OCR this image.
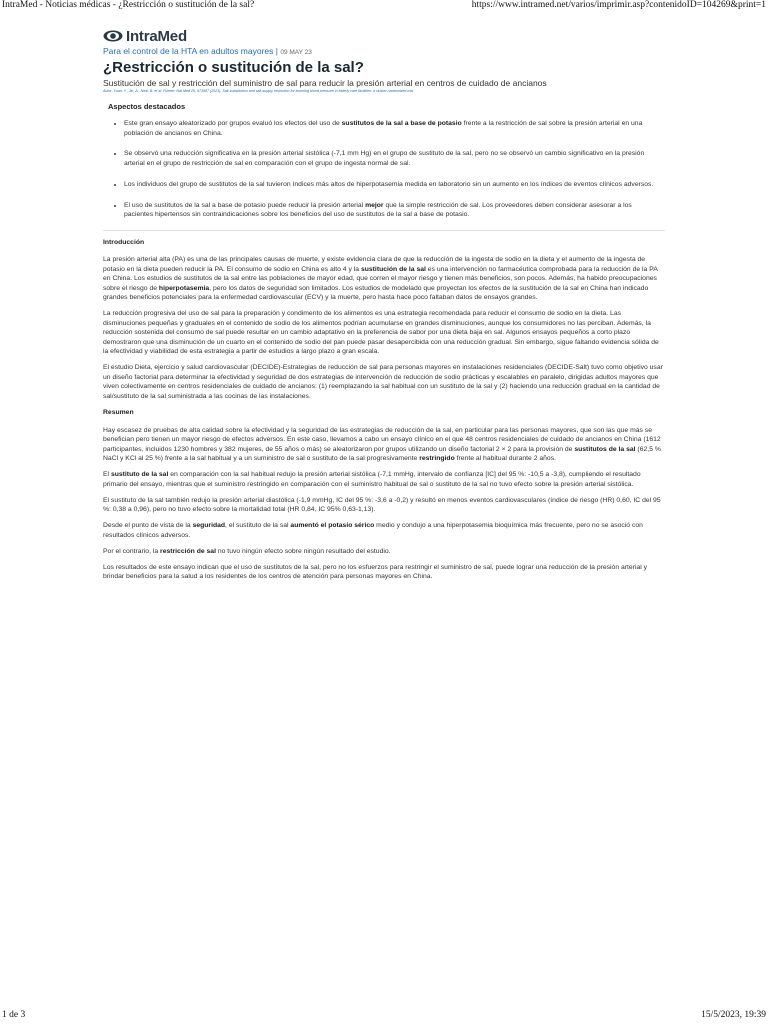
IntraMed - Noticias médicas - ¿Restricción o sustitución de la sal?	https://www.intramed.net/varios/imprimir.asp?contenidoID=104269&print=1
IntraMed
Para el control de la HTA en adultos mayores | 09 MAY 23
¿Restricción o sustitución de la sal?
Sustitución de sal y restricción del suministro de sal para reducir la presión arterial en centros de cuidado de ancianos
Autor: Yuan, Y., Jin, A., Neal, B. et al. Fuente: Nat Med 29, 973987 (2023). Salt substitution and salt-supply restriction for lowering blood pressure in elderly care facilities: a cluster-randomized trial
Aspectos destacados
• Este gran ensayo aleatorizado por grupos evaluó los efectos del uso de sustitutos de la sal a base de potasio frente a la restricción de sal sobre la presión arterial en una población de ancianos en China.
• Se observó una reducción significativa en la presión arterial sistólica (-7,1 mm Hg) en el grupo de sustituto de la sal, pero no se observó un cambio significativo en la presión arterial en el grupo de restricción de sal en comparación con el grupo de ingesta normal de sal.
• Los individuos del grupo de sustitutos de la sal tuvieron índices más altos de hiperpotasemia medida en laboratorio sin un aumento en los índices de eventos clínicos adversos.
• El uso de sustitutos de la sal a base de potasio puede reducir la presión arterial mejor que la simple restricción de sal. Los proveedores deben considerar asesorar a los pacientes hipertensos sin contraindicaciones sobre los beneficios del uso de sustitutos de la sal a base de potasio.
Introducción

La presión arterial alta (PA) es una de las principales causas de muerte, y existe evidencia clara de que la reducción de la ingesta de sodio en la dieta y el aumento de la ingesta de potasio en la dieta pueden reducir la PA. El consumo de sodio en China es alto 4 y la sustitución de la sal es una intervención no farmacéutica comprobada para la reducción de la PA en China. Los estudios de sustitutos de la sal entre las poblaciones de mayor edad, que corren el mayor riesgo y tienen más beneficios, son pocos. Además, ha habido preocupaciones sobre el riesgo de hiperpotasemia, pero los datos de seguridad son limitados. Los estudios de modelado que proyectan los efectos de la sustitución de la sal en China han indicado grandes beneficios potenciales para la enfermedad cardiovascular (ECV) y la muerte, pero hasta hace poco faltaban datos de ensayos grandes.

La reducción progresiva del uso de sal para la preparación y condimento de los alimentos es una estrategia recomendada para reducir el consumo de sodio en la dieta. Las disminuciones pequeñas y graduales en el contenido de sodio de los alimentos podrían acumularse en grandes disminuciones, aunque los consumidores no las perciban. Además, la reducción sostenida del consumo de sal puede resultar en un cambio adaptativo en la preferencia de sabor por una dieta baja en sal. Algunos ensayos pequeños a corto plazo demostraron que una disminución de un cuarto en el contenido de sodio del pan puede pasar desapercibida con una reducción gradual. Sin embargo, sigue faltando evidencia sólida de la efectividad y viabilidad de esta estrategia a partir de estudios a largo plazo a gran escala.

El estudio Dieta, ejercicio y salud cardiovascular (DECIDE)-Estrategias de reducción de sal para personas mayores en instalaciones residenciales (DECIDE-Salt) tuvo como objetivo usar un diseño factorial para determinar la efectividad y seguridad de dos estrategias de intervención de reducción de sodio prácticas y escalables en paralelo, dirigidas adultos mayores que viven colectivamente en centros residenciales de cuidado de ancianos: (1) reemplazando la sal habitual con un sustituto de la sal y (2) haciendo una reducción gradual en la cantidad de sal/sustituto de la sal suministrada a las cocinas de las instalaciones.

Resumen

Hay escasez de pruebas de alta calidad sobre la efectividad y la seguridad de las estrategias de reducción de la sal, en particular para las personas mayores, que son las que más se benefician pero tienen un mayor riesgo de efectos adversos. En este caso, llevamos a cabo un ensayo clínico en el que 48 centros residenciales de cuidado de ancianos en China (1612 participantes, incluidos 1230 hombres y 382 mujeres, de 55 años o más) se aleatorizaron por grupos utilizando un diseño factorial 2 × 2 para la provisión de sustitutos de la sal (62,5 % NaCl y KCl al 25 %) frente a la sal habitual y a un suministro de sal o sustituto de la sal progresivamente restringido frente al habitual durante 2 años.

El sustituto de la sal en comparación con la sal habitual redujo la presión arterial sistólica (-7,1 mmHg, intervalo de confianza [IC] del 95 %: -10,5 a -3,8), cumpliendo el resultado primario del ensayo, mientras que el suministro restringido en comparación con el suministro habitual de sal o sustituto de la sal no tuvo efecto sobre la presión arterial sistólica.

El sustituto de la sal también redujo la presión arterial diastólica (-1,9 mmHg, IC del 95 %: -3,6 a -0,2) y resultó en menos eventos cardiovasculares (índice de riesgo (HR) 0,60, IC del 95 %: 0,38 a 0,96), pero no tuvo efecto sobre la mortalidad total (HR 0,84, IC 95% 0,63-1,13).

Desde el punto de vista de la seguridad, el sustituto de la sal aumentó el potasio sérico medio y condujo a una hiperpotasemia bioquímica más frecuente, pero no se asoció con resultados clínicos adversos.

Por el contrario, la restricción de sal no tuvo ningún efecto sobre ningún resultado del estudio.

Los resultados de este ensayo indican que el uso de sustitutos de la sal, pero no los esfuerzos para restringir el suministro de sal, puede lograr una reducción de la presión arterial y brindar beneficios para la salud a los residentes de los centros de atención para personas mayores en China.

1 de 3	15/5/2023, 19:39
